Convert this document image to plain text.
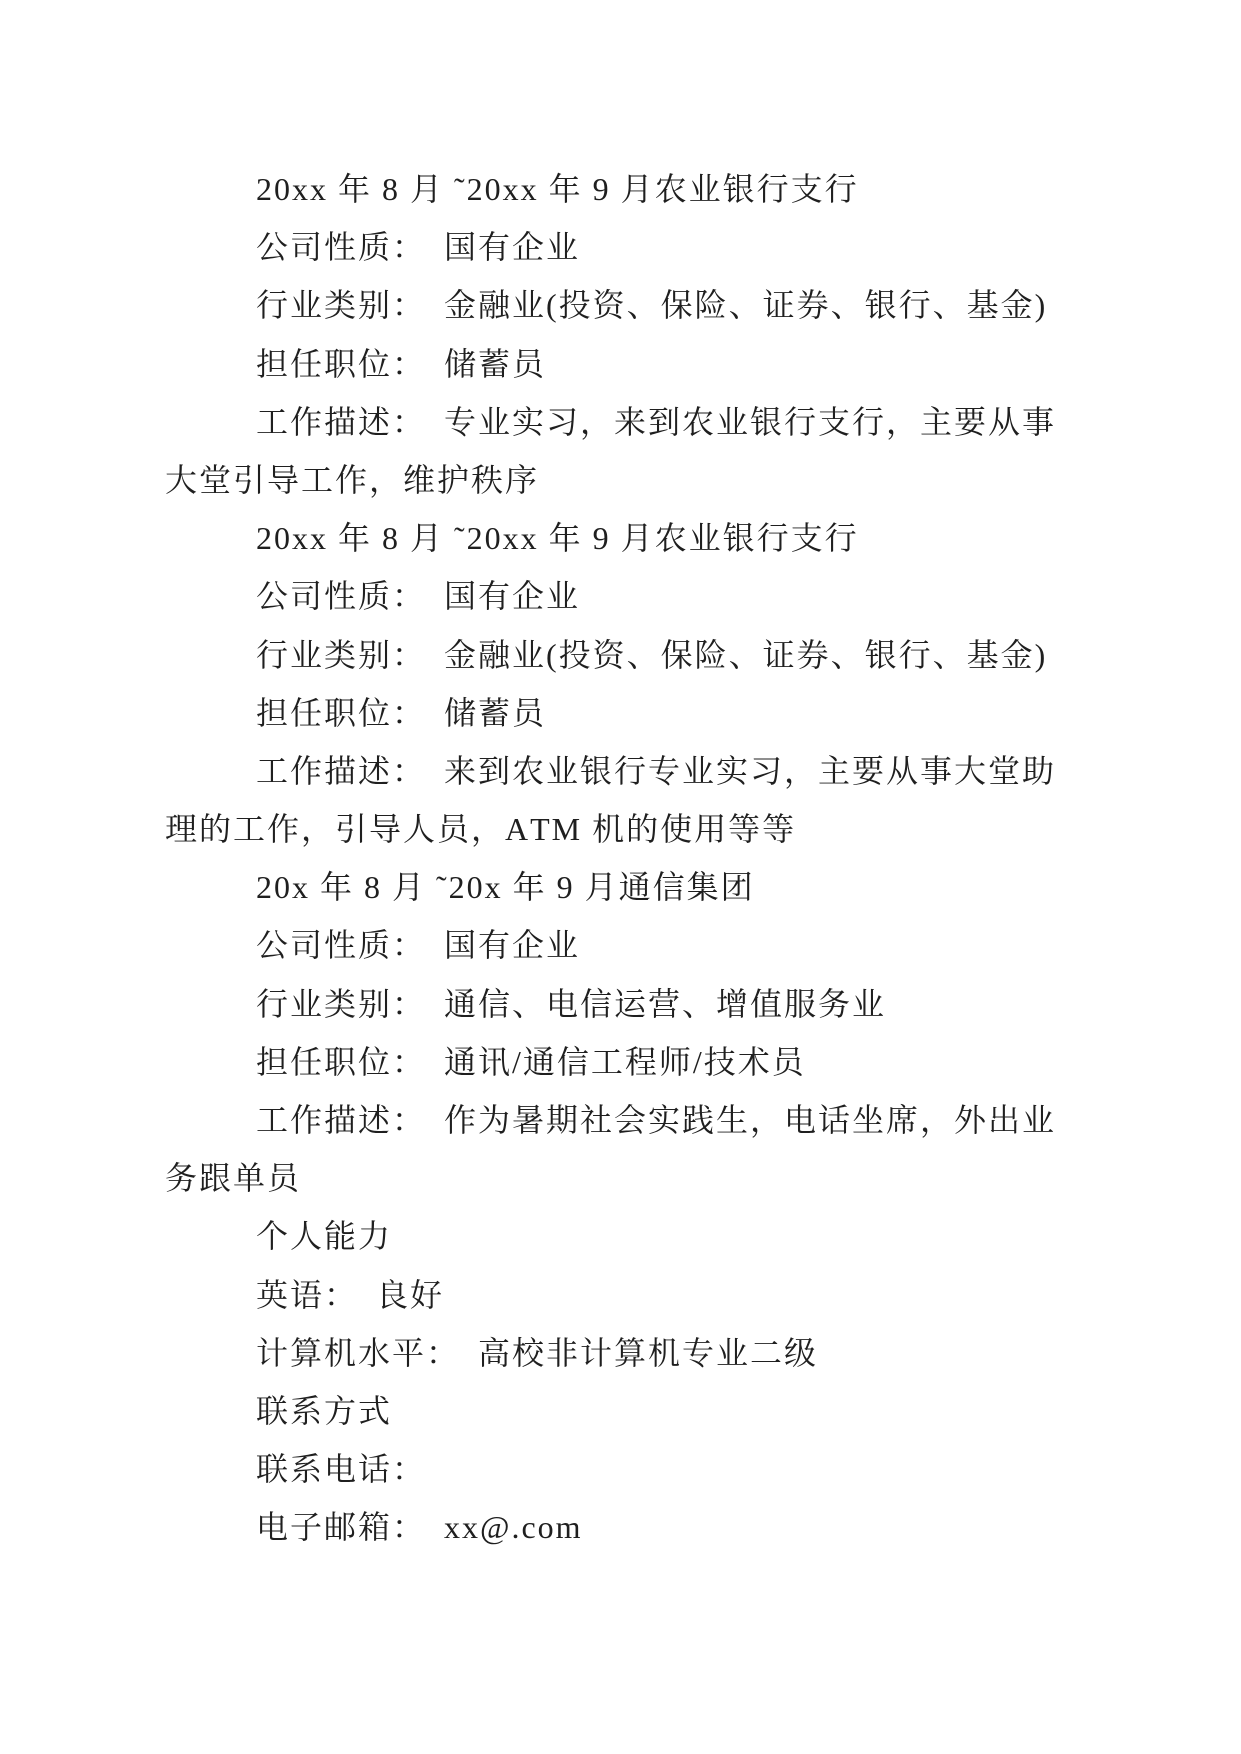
20xx 年 8 月 ˜20xx 年 9 月农业银行支行
公司性质：　国有企业
行业类别：　金融业(投资、保险、证券、银行、基金)
担任职位：　储蓄员
工作描述：　专业实习，来到农业银行支行，主要从事
大堂引导工作，维护秩序
20xx 年 8 月 ˜20xx 年 9 月农业银行支行
公司性质：　国有企业
行业类别：　金融业(投资、保险、证券、银行、基金)
担任职位：　储蓄员
工作描述：　来到农业银行专业实习，主要从事大堂助
理的工作，引导人员，ATM 机的使用等等
20x 年 8 月 ˜20x 年 9 月通信集团
公司性质：　国有企业
行业类别：　通信、电信运营、增值服务业
担任职位：　通讯/通信工程师/技术员
工作描述：　作为暑期社会实践生，电话坐席，外出业
务跟单员
个人能力
英语：　良好
计算机水平：　高校非计算机专业二级
联系方式
联系电话：
电子邮箱：　xx@.com
